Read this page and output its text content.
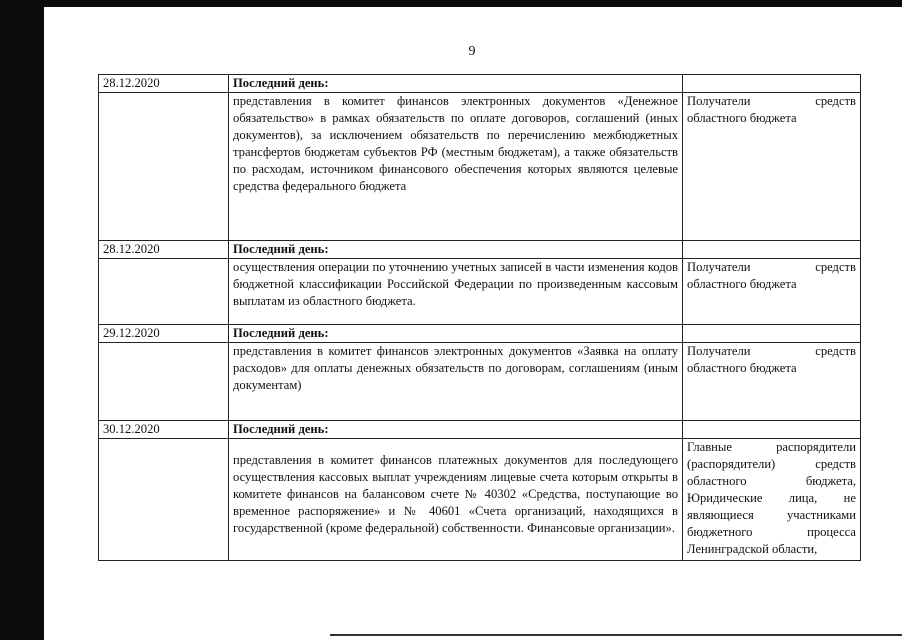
9
28.12.2020	Последний день:	
	представления в комитет финансов электронных документов «Денежное обязательство» в рамках обязательств по оплате договоров, соглашений (иных документов), за исключением обязательств по перечислению межбюджетных трансфертов бюджетам субъектов РФ (местным бюджетам), а также обязательств по расходам, источником финансового обеспечения которых являются целевые средства федерального бюджета	Получатели средств областного бюджета
28.12.2020	Последний день:	
	осуществления операции по уточнению учетных записей в части изменения кодов бюджетной классификации Российской Федерации по произведенным кассовым выплатам из областного бюджета.	Получатели средств областного бюджета
29.12.2020	Последний день:	
	представления в комитет финансов электронных документов «Заявка на оплату расходов» для оплаты денежных обязательств по договорам, соглашениям (иным документам)	Получатели средств областного бюджета
30.12.2020	Последний день:	
	представления в комитет финансов платежных документов для последующего осуществления кассовых выплат учреждениям лицевые счета которым открыты в комитете финансов на балансовом счете № 40302 «Средства, поступающие во временное распоряжение» и № 40601 «Счета организаций, находящихся в государственной (кроме федеральной) собственности. Финансовые организации».	Главные распорядители (распорядители) средств областного бюджета, Юридические лица, не являющиеся участниками бюджетного процесса Ленинградской области,
